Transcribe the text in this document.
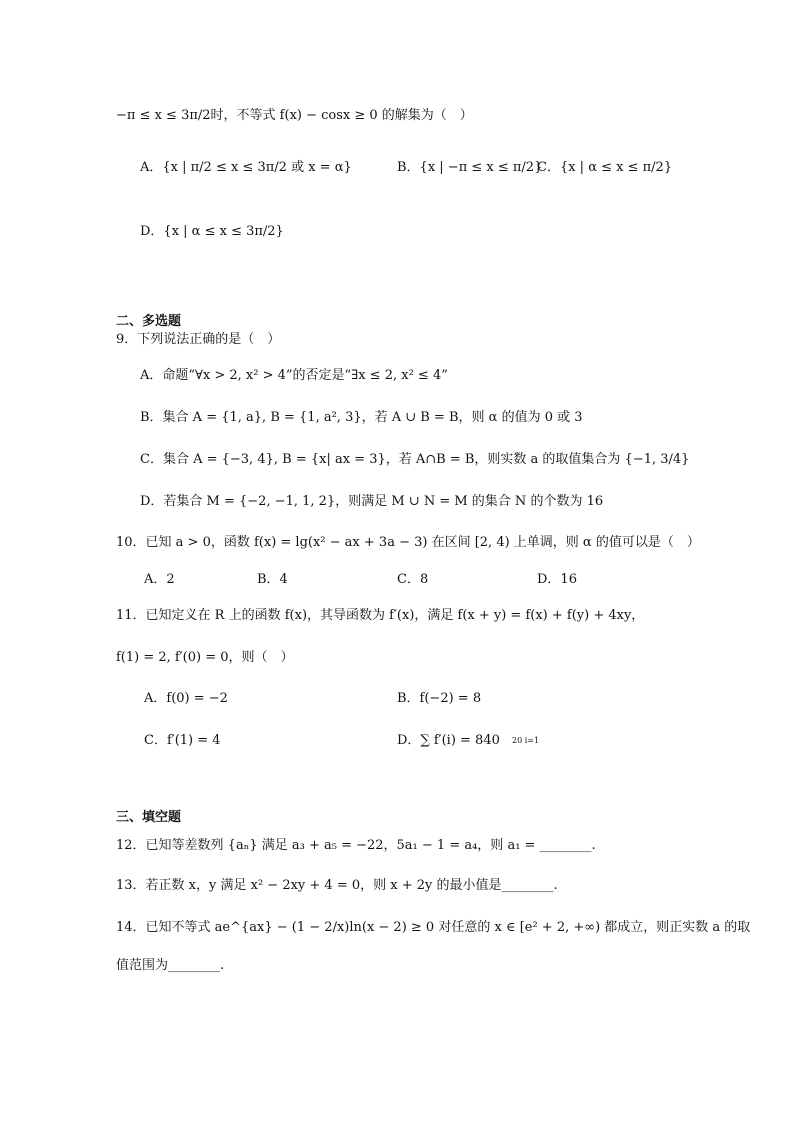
−π ≤ x ≤ 3π/2时，不等式 f(x) − cosx ≥ 0 的解集为（　）
A．{x | π/2 ≤ x ≤ 3π/2 或 x = α}	B．{x | −π ≤ x ≤ π/2}
C．{x | α ≤ x ≤ π/2}
D．{x | α ≤ x ≤ 3π/2}
二、多选题
9．下列说法正确的是（　）
A．命题“∀x > 2, x² > 4”的否定是“∃x ≤ 2, x² ≤ 4”
B．集合 A = {1, a}, B = {1, a², 3}，若 A ∪ B = B，则 α 的值为 0 或 3
C．集合 A = {−3, 4}, B = {x| ax = 3}，若 A∩B = B，则实数 a 的取值集合为 {−1, 3/4}
D．若集合 M = {−2, −1, 1, 2}，则满足 M ∪ N = M 的集合 N 的个数为 16
10．已知 a > 0，函数 f(x) = lg(x² − ax + 3a − 3) 在区间 [2, 4) 上单调，则 α 的值可以是（　）
A．2	B．4	C．8	D．16
11．已知定义在 R 上的函数 f(x)，其导函数为 f′(x)，满足 f(x + y) = f(x) + f(y) + 4xy，
f(1) = 2, f′(0) = 0，则（　）
A．f(0) = −2	B．f(−2) = 8
C．f′(1) = 4	D．∑ f′(i) = 840 20 i=1
三、填空题
12．已知等差数列 {aₙ} 满足 a₃ + a₅ = −22，5a₁ − 1 = a₄，则 a₁ = ________.
13．若正数 x，y 满足 x² − 2xy + 4 = 0，则 x + 2y 的最小值是________.
14．已知不等式 ae^{ax} − (1 − 2/x)ln(x − 2) ≥ 0 对任意的 x ∈ [e² + 2, +∞) 都成立，则正实数 a 的取
值范围为________.
